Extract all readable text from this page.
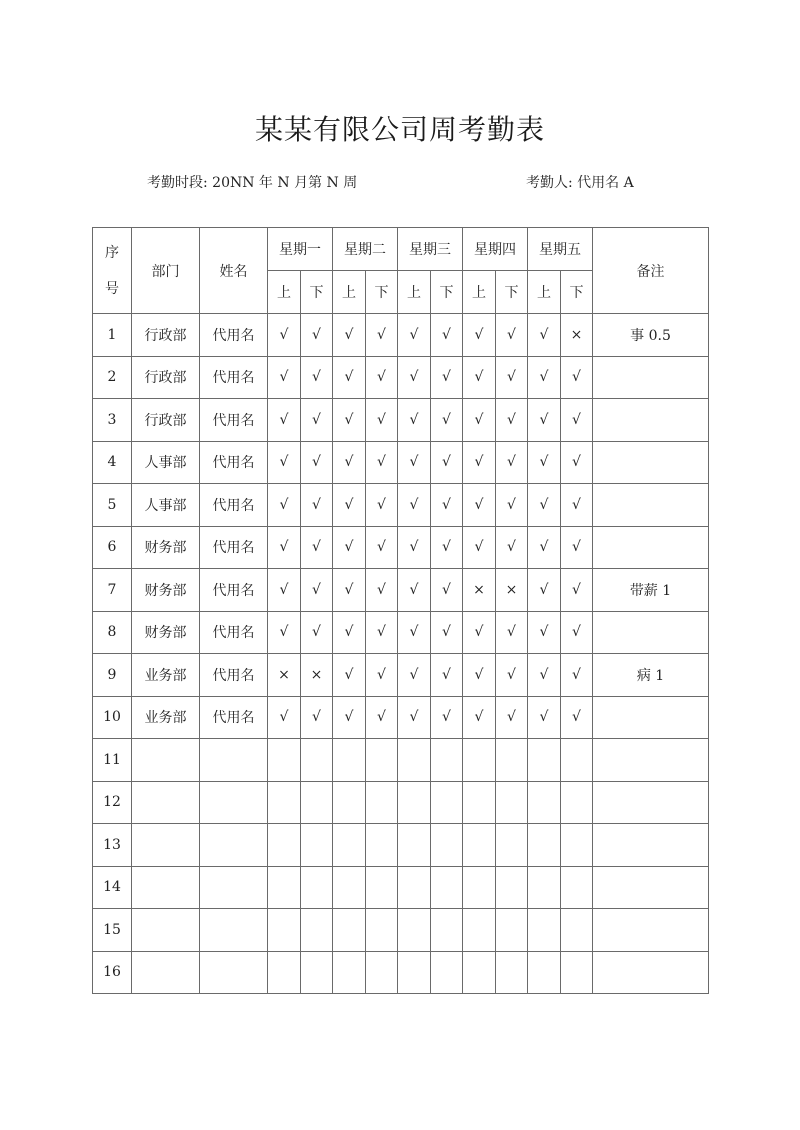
某某有限公司周考勤表
考勤时段: 20NN 年 N 月第 N 周	考勤人: 代用名 A
序
号	部门	姓名	星期一		星期二		星期三		星期四		星期五		备注
			上	下	上	下	上	下	上	下	上	下	
1	行政部	代用名	√	√	√	√	√	√	√	√	√	×	事 0.5
2	行政部	代用名	√	√	√	√	√	√	√	√	√	√	
3	行政部	代用名	√	√	√	√	√	√	√	√	√	√	
4	人事部	代用名	√	√	√	√	√	√	√	√	√	√	
5	人事部	代用名	√	√	√	√	√	√	√	√	√	√	
6	财务部	代用名	√	√	√	√	√	√	√	√	√	√	
7	财务部	代用名	√	√	√	√	√	√	×	×	√	√	带薪 1
8	财务部	代用名	√	√	√	√	√	√	√	√	√	√	
9	业务部	代用名	×	×	√	√	√	√	√	√	√	√	病 1
10	业务部	代用名	√	√	√	√	√	√	√	√	√	√	
11													
12													
13													
14													
15													
16													
